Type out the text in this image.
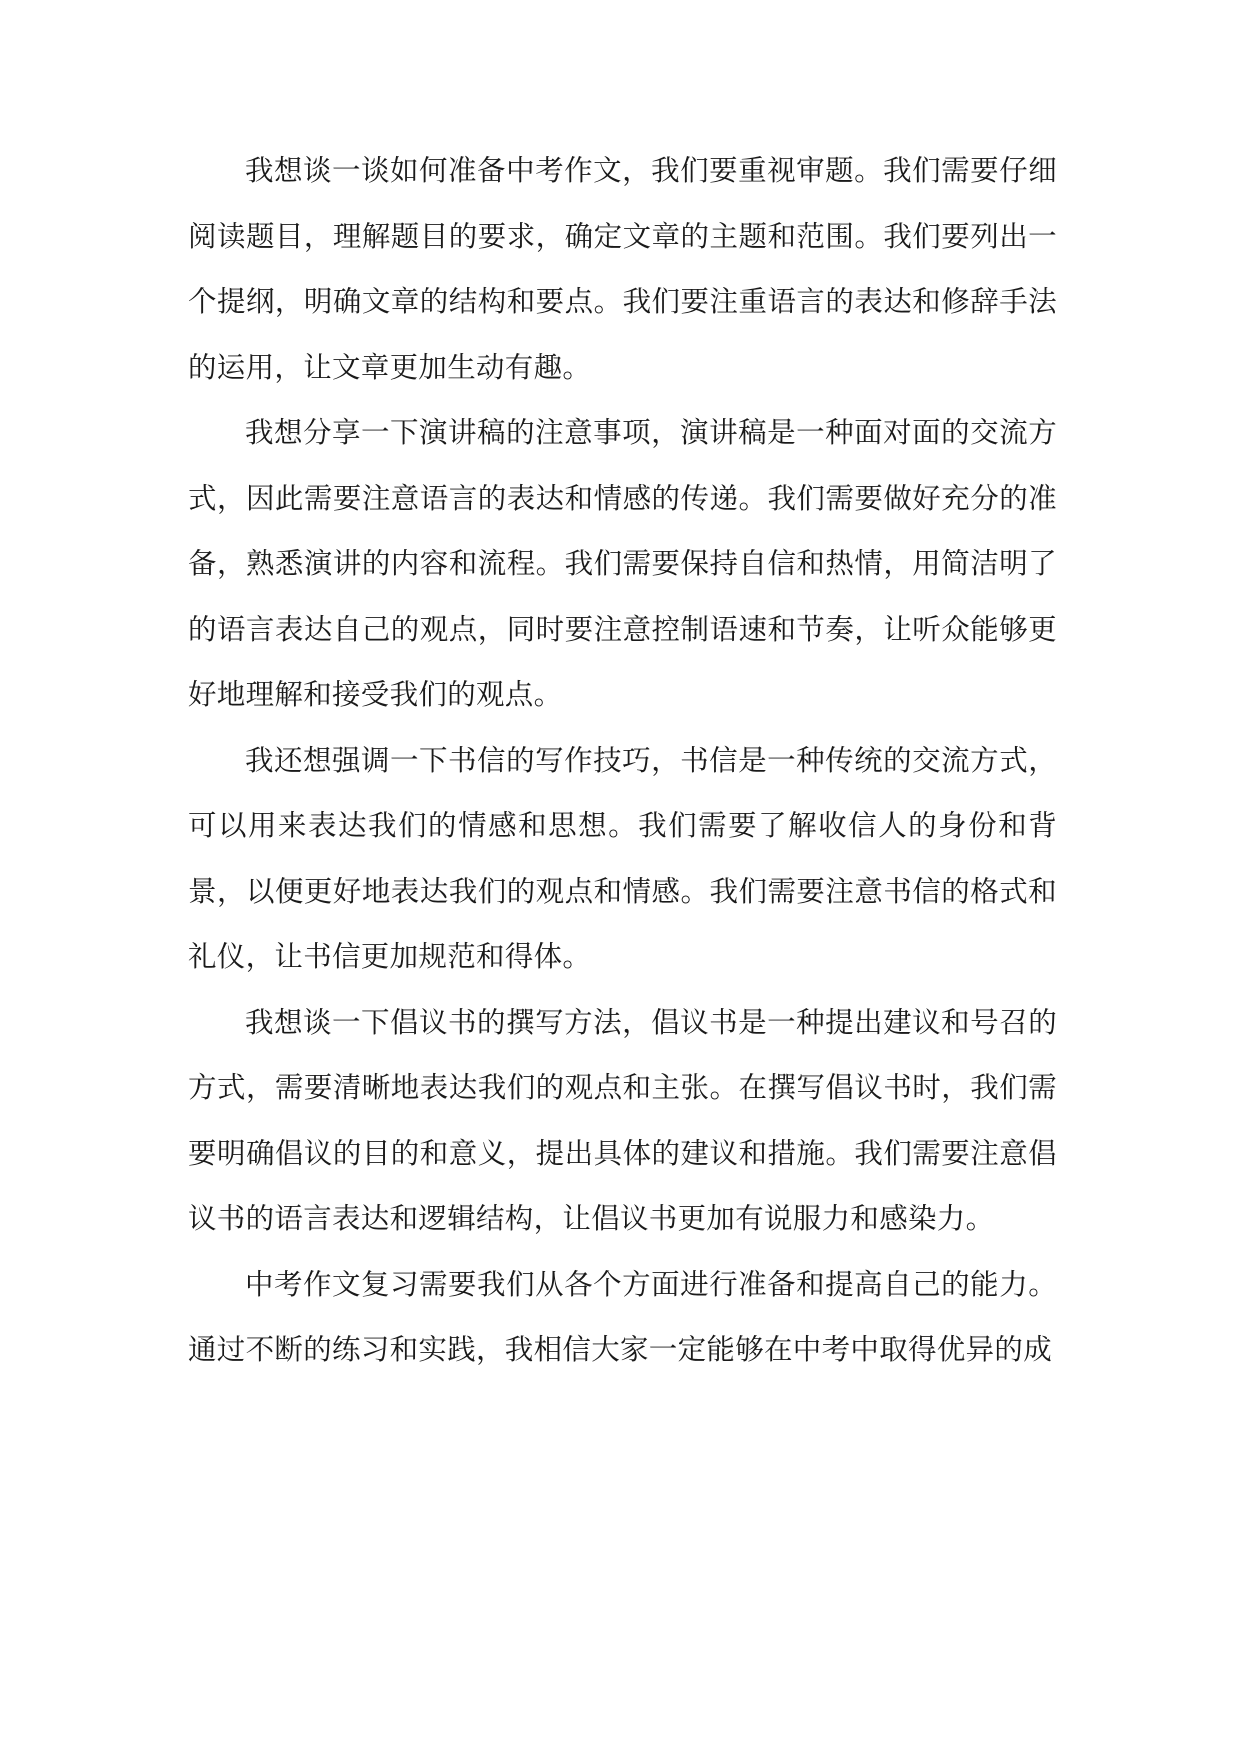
我想谈一谈如何准备中考作文，我们要重视审题。我们需要仔细阅读题目，理解题目的要求，确定文章的主题和范围。我们要列出一个提纲，明确文章的结构和要点。我们要注重语言的表达和修辞手法的运用，让文章更加生动有趣。

我想分享一下演讲稿的注意事项，演讲稿是一种面对面的交流方式，因此需要注意语言的表达和情感的传递。我们需要做好充分的准备，熟悉演讲的内容和流程。我们需要保持自信和热情，用简洁明了的语言表达自己的观点，同时要注意控制语速和节奏，让听众能够更好地理解和接受我们的观点。

我还想强调一下书信的写作技巧，书信是一种传统的交流方式，可以用来表达我们的情感和思想。我们需要了解收信人的身份和背景，以便更好地表达我们的观点和情感。我们需要注意书信的格式和礼仪，让书信更加规范和得体。

我想谈一下倡议书的撰写方法，倡议书是一种提出建议和号召的方式，需要清晰地表达我们的观点和主张。在撰写倡议书时，我们需要明确倡议的目的和意义，提出具体的建议和措施。我们需要注意倡议书的语言表达和逻辑结构，让倡议书更加有说服力和感染力。

中考作文复习需要我们从各个方面进行准备和提高自己的能力。通过不断的练习和实践，我相信大家一定能够在中考中取得优异的成
